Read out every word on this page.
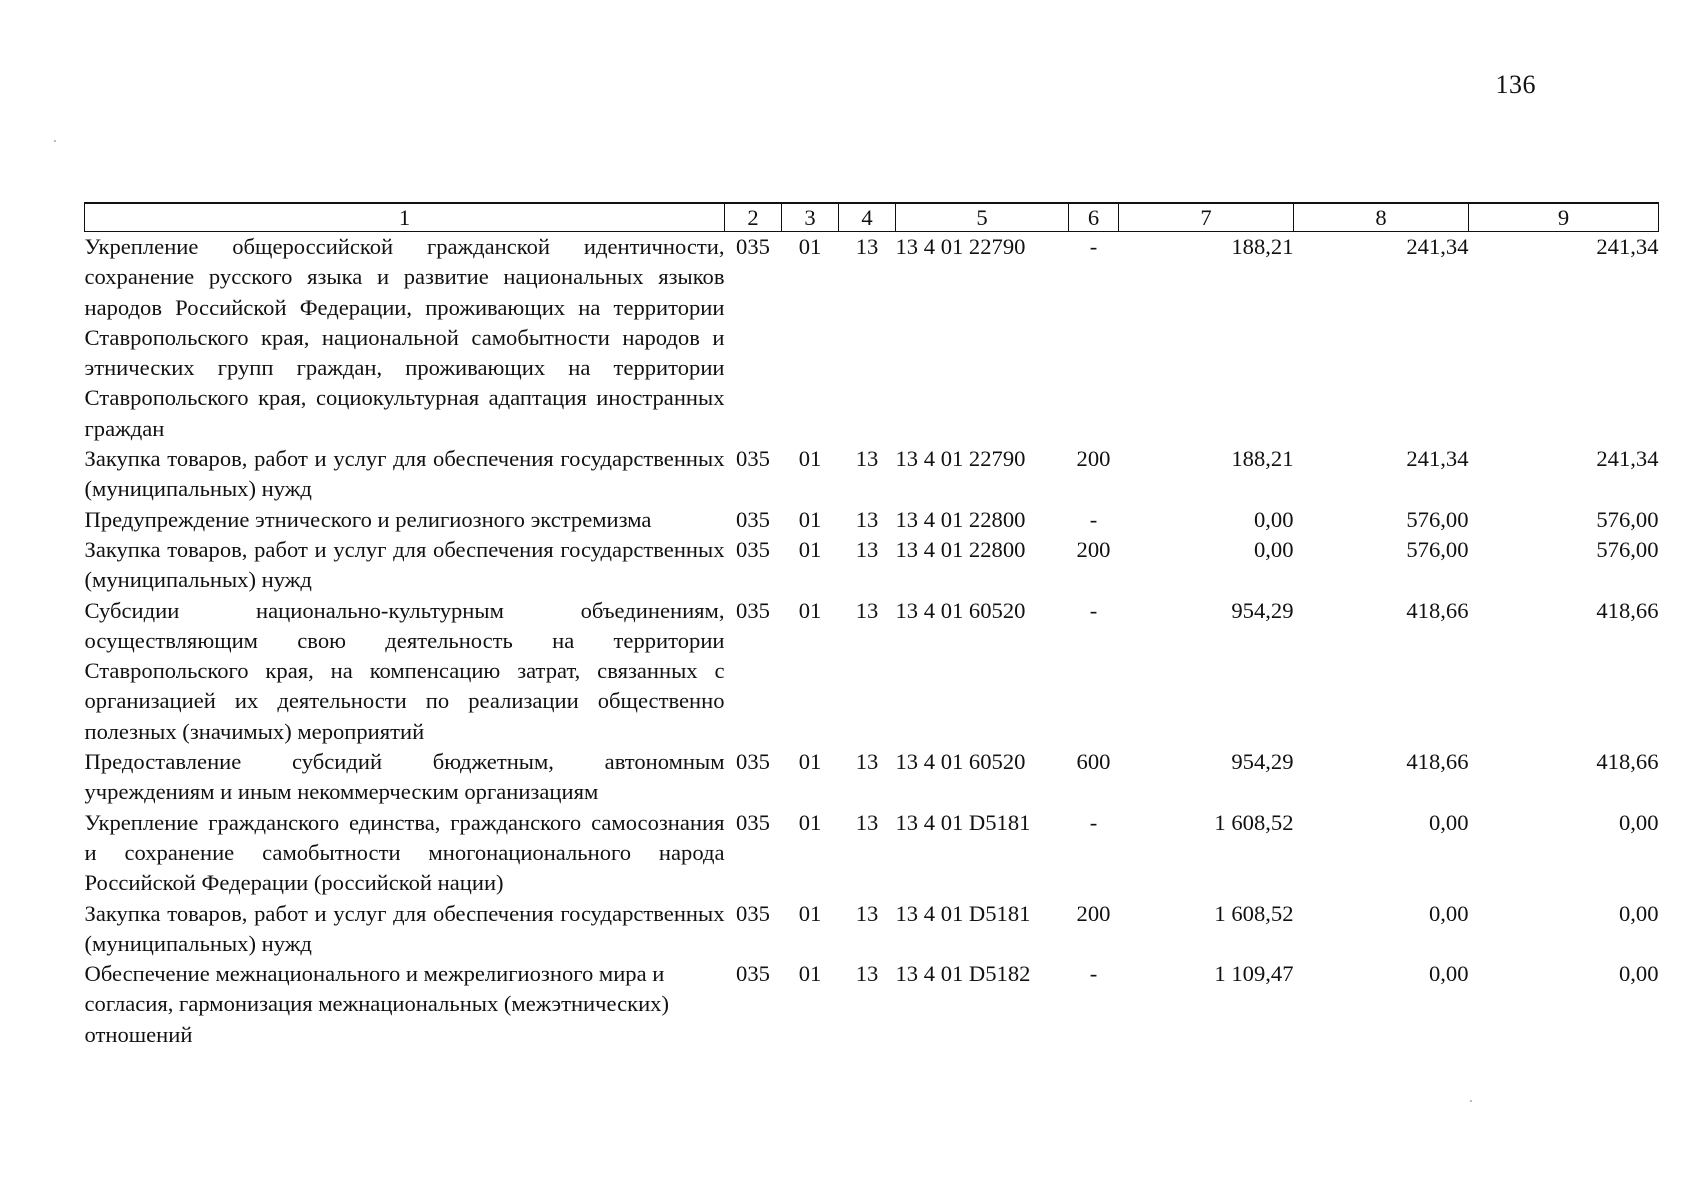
136
1	2	3	4	5	6	7	8	9
Укрепление общероссийской гражданской идентичности, сохранение русского языка и развитие национальных языков народов Российской Федерации, проживающих на территории Ставропольского края, национальной самобытности народов и этнических групп граждан, проживающих на территории Ставропольского края, социокультурная адаптация иностранных граждан	035	01	13	13 4 01 22790	-	188,21	241,34	241,34
Закупка товаров, работ и услуг для обеспечения государственных (муниципальных) нужд	035	01	13	13 4 01 22790	200	188,21	241,34	241,34
Предупреждение этнического и религиозного экстремизма	035	01	13	13 4 01 22800	-	0,00	576,00	576,00
Закупка товаров, работ и услуг для обеспечения государственных (муниципальных) нужд	035	01	13	13 4 01 22800	200	0,00	576,00	576,00
Субсидии национально-культурным объединениям, осуществляющим свою деятельность на территории Ставропольского края, на компенсацию затрат, связанных с организацией их деятельности по реализации общественно полезных (значимых) мероприятий	035	01	13	13 4 01 60520	-	954,29	418,66	418,66
Предоставление субсидий бюджетным, автономным учреждениям и иным некоммерческим организациям	035	01	13	13 4 01 60520	600	954,29	418,66	418,66
Укрепление гражданского единства, гражданского самосознания и сохранение самобытности многонационального народа Российской Федерации (российской нации)	035	01	13	13 4 01 D5181	-	1 608,52	0,00	0,00
Закупка товаров, работ и услуг для обеспечения государственных (муниципальных) нужд	035	01	13	13 4 01 D5181	200	1 608,52	0,00	0,00
Обеспечение межнационального и межрелигиозного мира и согласия, гармонизация межнациональных (межэтнических) отношений	035	01	13	13 4 01 D5182	-	1 109,47	0,00	0,00
